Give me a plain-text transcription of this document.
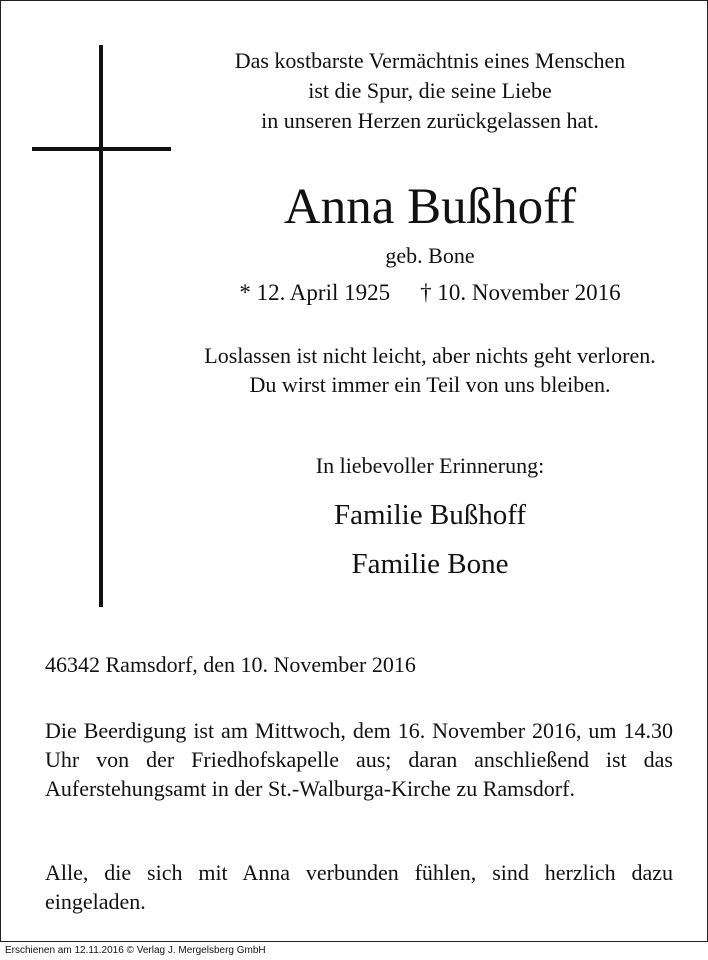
Das kostbarste Vermächtnis eines Menschen
ist die Spur, die seine Liebe
in unseren Herzen zurückgelassen hat.
Anna Bußhoff
geb. Bone
* 12. April 1925 † 10. November 2016
Loslassen ist nicht leicht, aber nichts geht verloren.
Du wirst immer ein Teil von uns bleiben.
In liebevoller Erinnerung:
Familie Bußhoff
Familie Bone
46342 Ramsdorf, den 10. November 2016
Die Beerdigung ist am Mittwoch, dem 16. November 2016, um 14.30 Uhr von der Friedhofskapelle aus; daran anschließend ist das Auferstehungsamt in der St.-Walburga-Kirche zu Ramsdorf.
Alle, die sich mit Anna verbunden fühlen, sind herzlich dazu eingeladen.
Erschienen am 12.11.2016 © Verlag J. Mergelsberg GmbH
